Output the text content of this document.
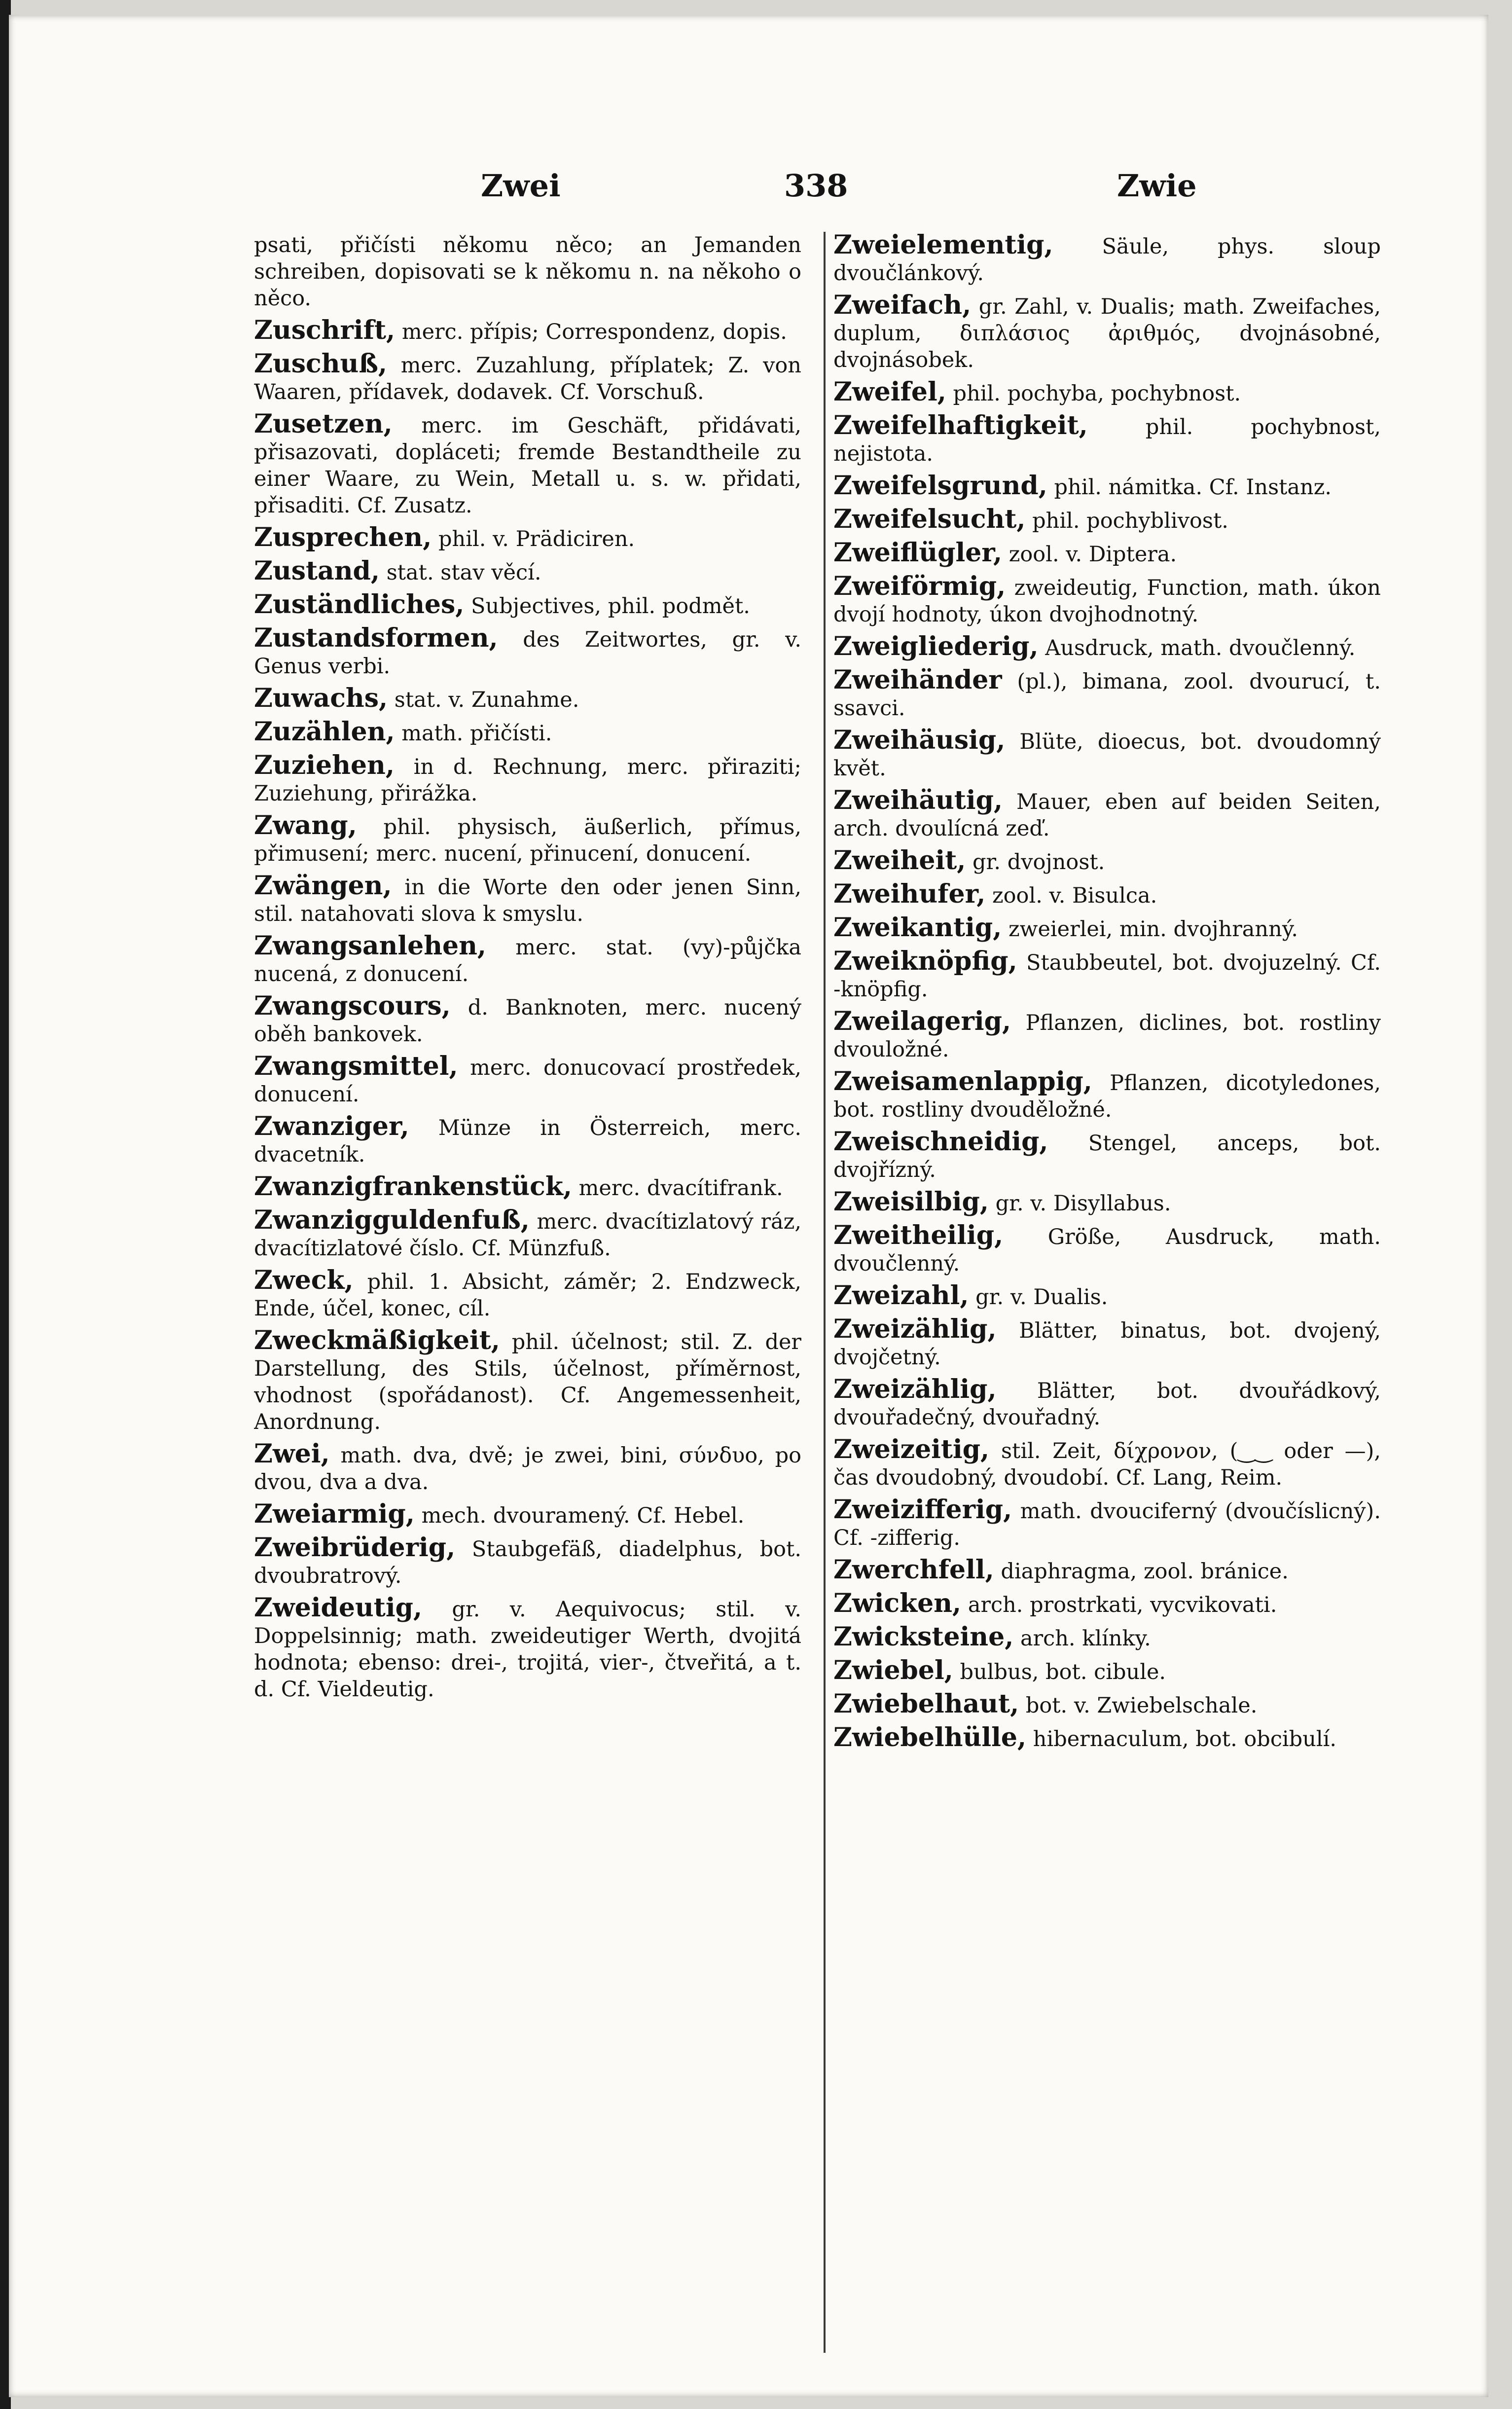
Zwei	338	Zwie

psati, přičísti někomu něco; an Jemanden schreiben, dopisovati se k někomu n. na někoho o něco.

Zuschrift, merc. přípis; Correspondenz, dopis.

Zuschuß, merc. Zuzahlung, příplatek; Z. von Waaren, přídavek, dodavek. Cf. Vorschuß.

Zusetzen, merc. im Geschäft, přidávati, přisazovati, dopláceti; fremde Bestandtheile zu einer Waare, zu Wein, Metall u. s. w. přidati, přisaditi. Cf. Zusatz.

Zusprechen, phil. v. Prädiciren.

Zustand, stat. stav věcí.

Zuständliches, Subjectives, phil. podmět.

Zustandsformen, des Zeitwortes, gr. v. Genus verbi.

Zuwachs, stat. v. Zunahme.

Zuzählen, math. přičísti.

Zuziehen, in d. Rechnung, merc. přiraziti; Zuziehung, přirážka.

Zwang, phil. physisch, äußerlich, přímus, přimusení; merc. nucení, přinucení, donucení.

Zwängen, in die Worte den oder jenen Sinn, stil. natahovati slova k smyslu.

Zwangsanlehen, merc. stat. (vy)-půjčka nucená, z donucení.

Zwangscours, d. Banknoten, merc. nucený oběh bankovek.

Zwangsmittel, merc. donucovací prostředek, donucení.

Zwanziger, Münze in Österreich, merc. dvacetník.

Zwanzigfrankenstück, merc. dvacítifrank.

Zwanzigguldenfuß, merc. dvacítizlatový ráz, dvacítizlatové číslo. Cf. Münzfuß.

Zweck, phil. 1. Absicht, záměr; 2. Endzweck, Ende, účel, konec, cíl.

Zweckmäßigkeit, phil. účelnost; stil. Z. der Darstellung, des Stils, účelnost, příměrnost, vhodnost (spořádanost). Cf. Angemessenheit, Anordnung.

Zwei, math. dva, dvě; je zwei, bini, σύνδυο, po dvou, dva a dva.

Zweiarmig, mech. dvouramený. Cf. Hebel.

Zweibrüderig, Staubgefäß, diadelphus, bot. dvoubratrový.

Zweideutig, gr. v. Aequivocus; stil. v. Doppelsinnig; math. zweideutiger Werth, dvojitá hodnota; ebenso: drei-, trojitá, vier-, čtveřitá, a t. d. Cf. Vieldeutig.

Zweielementig, Säule, phys. sloup dvoučlánkový.

Zweifach, gr. Zahl, v. Dualis; math. Zweifaches, duplum, διπλάσιος ἀριθμός, dvojnásobné, dvojnásobek.

Zweifel, phil. pochyba, pochybnost.

Zweifelhaftigkeit,	phil. pochybnost, nejistota.

Zweifelsgrund, phil. námitka. Cf. Instanz.

Zweifelsucht, phil. pochyblivost.

Zweiflügler, zool. v. Diptera.

Zweiförmig, zweideutig, Function, math. úkon dvojí hodnoty, úkon dvojhodnotný.

Zweigliederig, Ausdruck, math. dvoučlenný.

Zweihänder (pl.), bimana, zool. dvourucí, t. ssavci.

Zweihäusig, Blüte, dioecus, bot. dvoudomný květ.

Zweihäutig, Mauer, eben auf beiden Seiten, arch. dvoulícná zeď.

Zweiheit, gr. dvojnost.

Zweihufer, zool. v. Bisulca.

Zweikantig, zweierlei, min. dvojhranný.

Zweiknöpfig, Staubbeutel, bot. dvojuzelný. Cf. -knöpfig.

Zweilagerig, Pflanzen, diclines, bot. rostliny dvouložné.

Zweisamenlappig, Pflanzen, dicotyledones, bot. rostliny dvouděložné.

Zweischneidig, Stengel, anceps, bot. dvojřízný.

Zweisilbig, gr. v. Disyllabus.

Zweitheilig, Größe, Ausdruck, math. dvoučlenný.

Zweizahl, gr. v. Dualis.

Zweizählig, Blätter, binatus, bot. dvojený, dvojčetný.

Zweizählig, Blätter, bot. dvouřádkový, dvouřadečný, dvouřadný.

Zweizeitig, stil. Zeit, δίχρονον, (‿‿ oder —), čas dvoudobný, dvoudobí. Cf. Lang, Reim.

Zweizifferig, math. dvouciferný (dvoučíslicný). Cf. -zifferig.

Zwerchfell, diaphragma, zool. bránice.

Zwicken, arch. prostrkati, vycvikovati.

Zwicksteine, arch. klínky.

Zwiebel, bulbus, bot. cibule.

Zwiebelhaut, bot. v. Zwiebelschale.

Zwiebelhülle, hibernaculum, bot. obcibulí.
